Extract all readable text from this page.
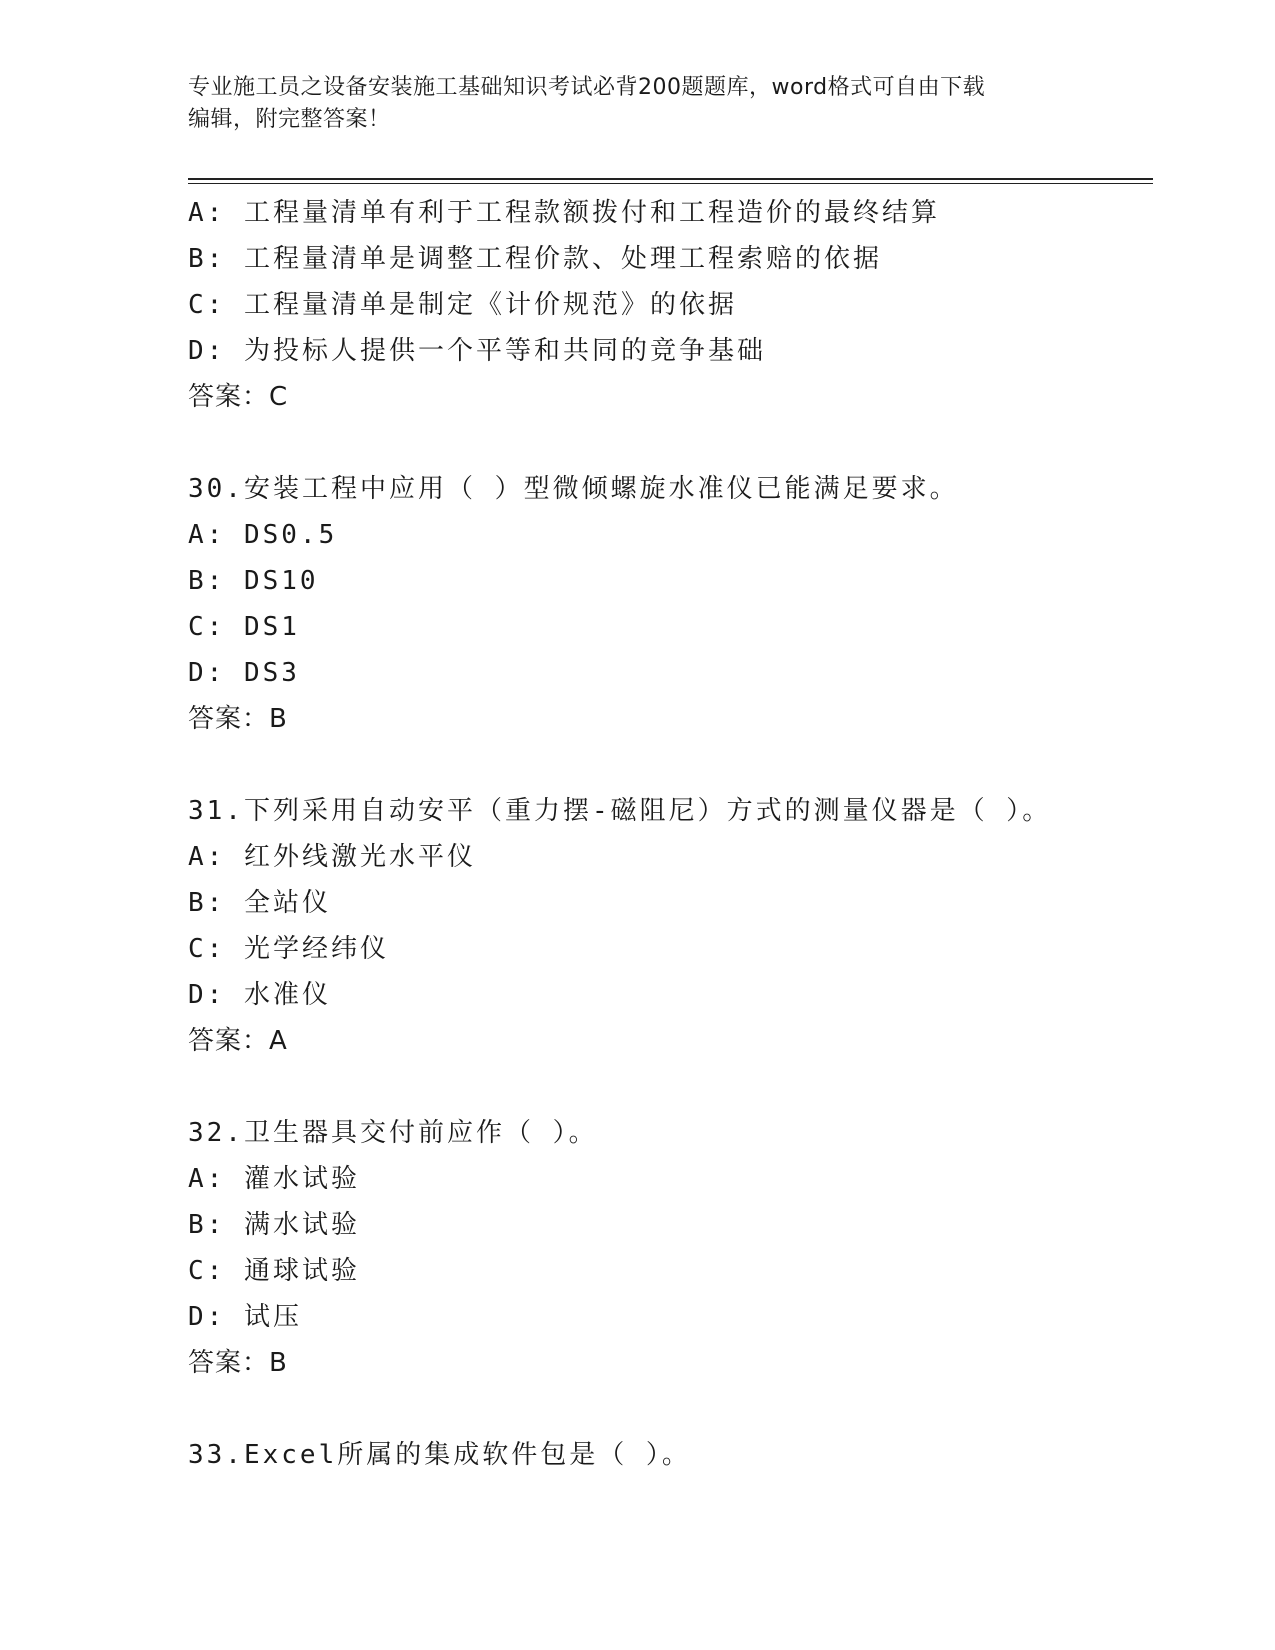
专业施工员之设备安装施工基础知识考试必背200题题库，word格式可自由下载
编辑，附完整答案！
A: 工程量清单有利于工程款额拨付和工程造价的最终结算
B: 工程量清单是调整工程价款、处理工程索赔的依据
C: 工程量清单是制定《计价规范》的依据
D: 为投标人提供一个平等和共同的竞争基础
答案：C
30.安装工程中应用（ ）型微倾螺旋水准仪已能满足要求。
A: DS0.5
B: DS10
C: DS1
D: DS3
答案：B
31.下列采用自动安平（重力摆-磁阻尼）方式的测量仪器是（ ）。
A: 红外线激光水平仪
B: 全站仪
C: 光学经纬仪
D: 水准仪
答案：A
32.卫生器具交付前应作（ ）。
A: 灌水试验
B: 满水试验
C: 通球试验
D: 试压
答案：B
33.Excel所属的集成软件包是（ ）。
